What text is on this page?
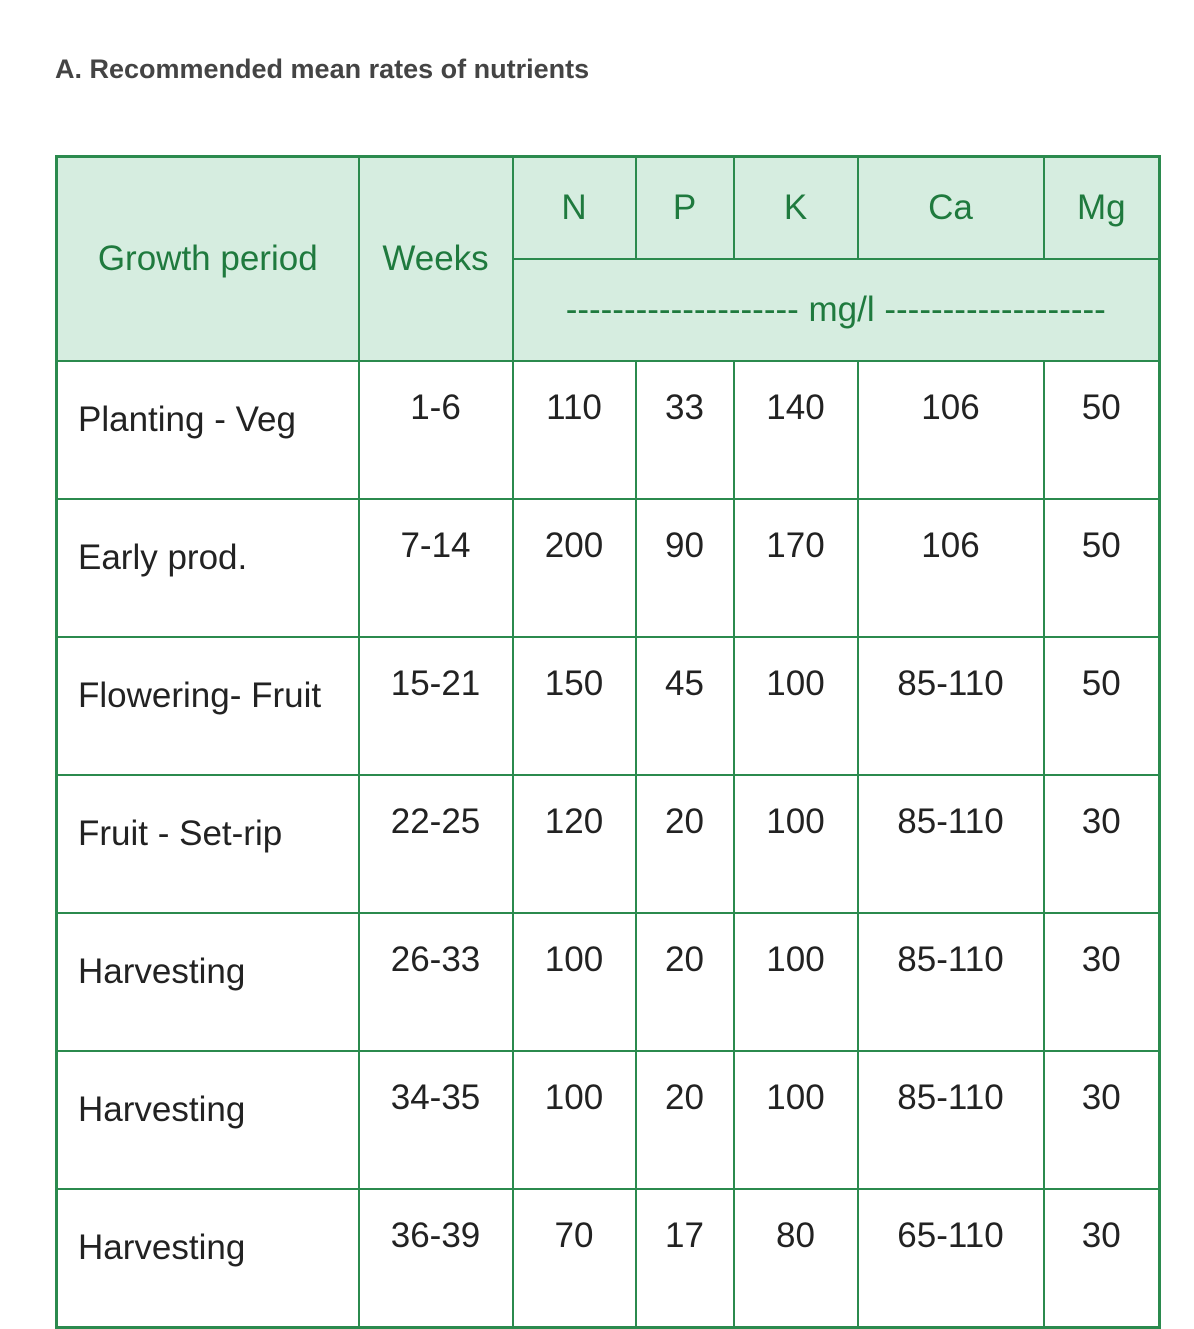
A. Recommended mean rates of nutrients
Growth period	Weeks	N	P	K	Ca	Mg
		-------------------- mg/l -------------------				
Planting - Veg	1-6	110	33	140	106	50
Early prod.	7-14	200	90	170	106	50
Flowering- Fruit	15-21	150	45	100	85-110	50
Fruit - Set-rip	22-25	120	20	100	85-110	30
Harvesting	26-33	100	20	100	85-110	30
Harvesting	34-35	100	20	100	85-110	30
Harvesting	36-39	70	17	80	65-110	30
